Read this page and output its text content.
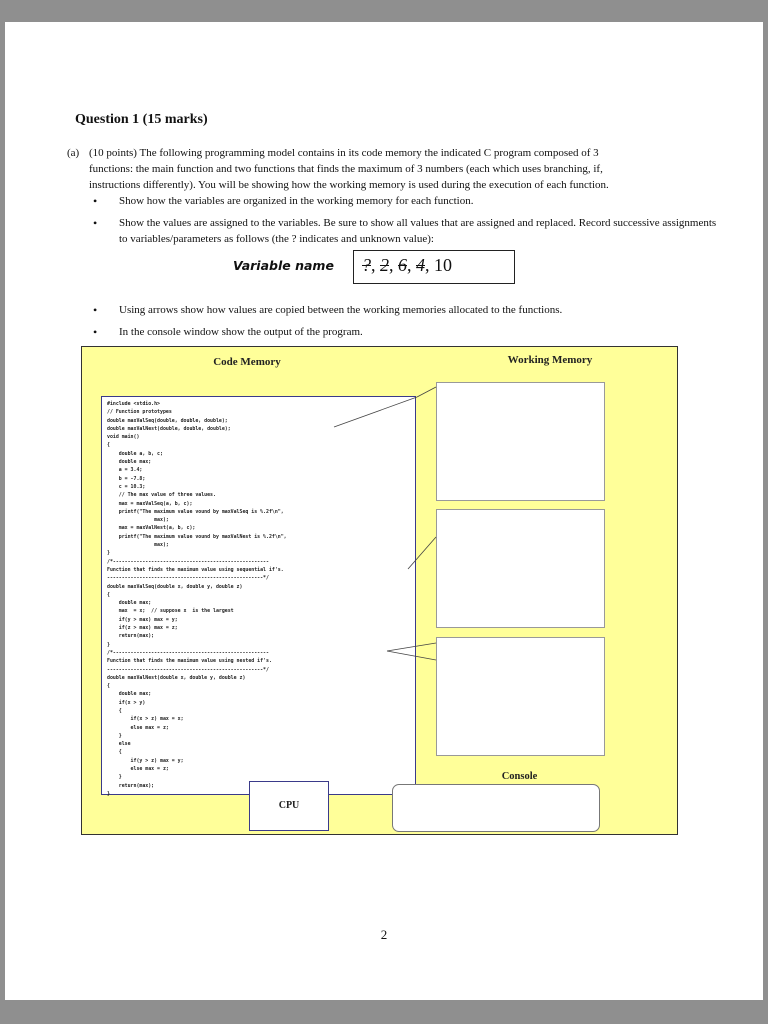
Question 1 (15 marks)
(a) (10 points) The following programming model contains in its code memory the indicated C program composed of 3
functions: the main function and two functions that finds the maximum of 3 numbers (each which uses branching, if,
instructions differently). You will be showing how the working memory is used during the execution of each function.
• Show how the variables are organized in the working memory for each function.
• Show the values are assigned to the variables. Be sure to show all values that are assigned and replaced. Record successive assignments to variables/parameters as follows (the ? indicates and unknown value):
Variable name ?, 2, 6, 4, 10
• Using arrows show how values are copied between the working memories allocated to the functions.
• In the console window show the output of the program.
Code Memory	Working Memory
#include <stdio.h>
// Function prototypes
double maxValSeq(double, double, double);
double maxValNest(double, double, double);
void main()
{
double a, b, c;
double max;
a = 3.4;
b = -7.8;
c = 10.3;
// The max value of three values.
max = maxValSeq(a, b, c);
printf("The maximum value vound by maxValSeq is %.2f\n",
max);
max = maxValNest(a, b, c);
printf("The maximum value vound by maxValNest is %.2f\n",
max);
}
/*-----------------------------------------------------
Function that finds the maximum value using sequential if's.
-----------------------------------------------------*/
double maxValSeq(double x, double y, double z)
{
double max;
max  = x;  // suppose x  is the largest
if(y > max) max = y;
if(z > max) max = z;
return(max);
}
/*-----------------------------------------------------
Function that finds the maximum value using nested if's.
-----------------------------------------------------*/
double maxValNest(double x, double y, double z)
{
double max;
if(x > y)
{
if(x > z) max = x;
else max = z;
}
else
{
if(y > z) max = y;
else max = z;
}
return(max);
}

Console
CPU
2
